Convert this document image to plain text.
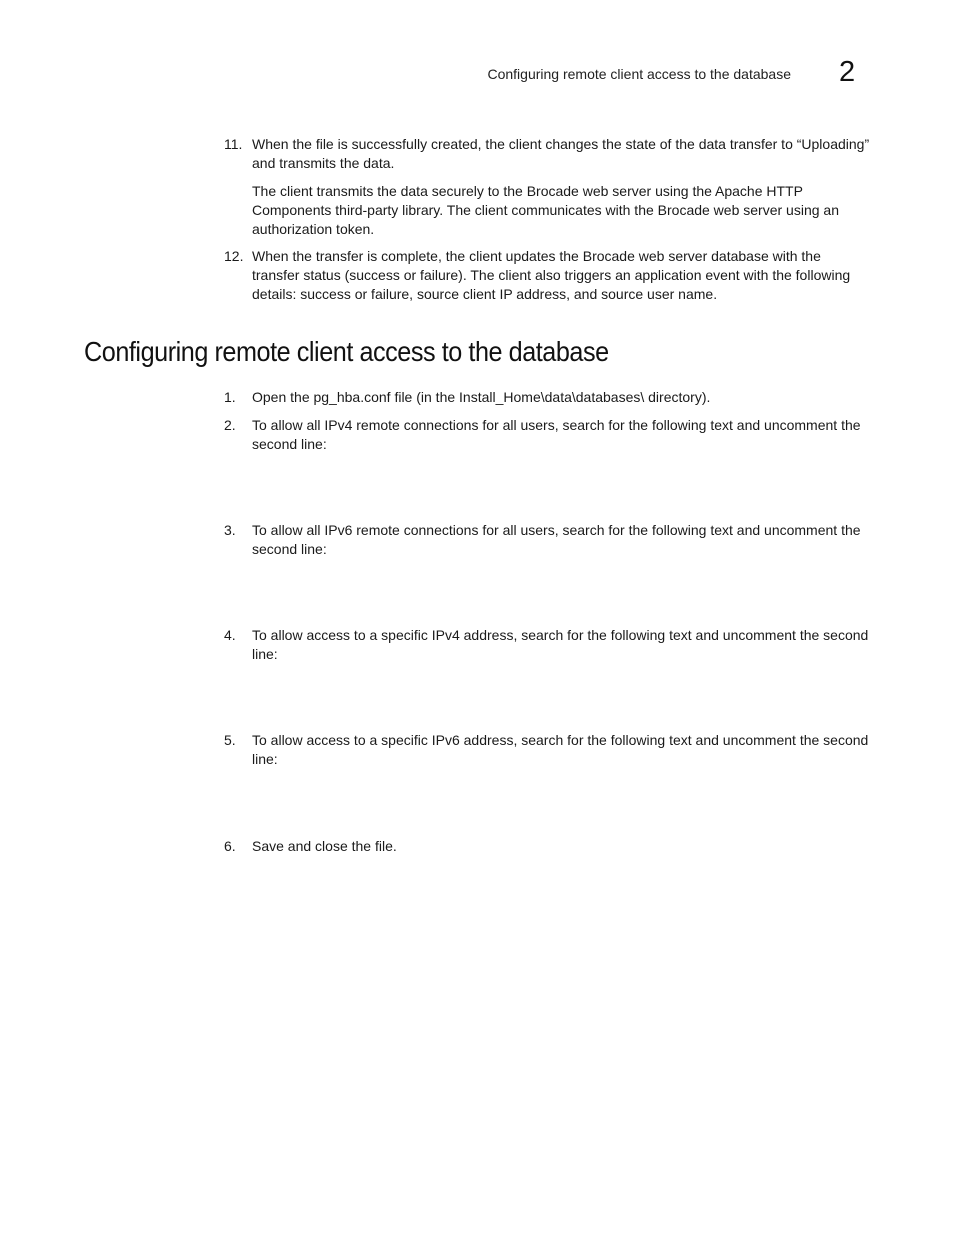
Configuring remote client access to the database 2
11. When the file is successfully created, the client changes the state of the data transfer to “Uploading” and transmits the data.
The client transmits the data securely to the Brocade web server using the Apache HTTP Components third-party library. The client communicates with the Brocade web server using an authorization token.
12. When the transfer is complete, the client updates the Brocade web server database with the transfer status (success or failure). The client also triggers an application event with the following details: success or failure, source client IP address, and source user name.
Configuring remote client access to the database
1.	Open the pg_hba.conf file (in the Install_Home\data\databases\ directory).
2.	To allow all IPv4 remote connections for all users, search for the following text and uncomment the second line:
3.	To allow all IPv6 remote connections for all users, search for the following text and uncomment the second line:
4.	To allow access to a specific IPv4 address, search for the following text and uncomment the second line:
5.	To allow access to a specific IPv6 address, search for the following text and uncomment the second line:
6.	Save and close the file.
